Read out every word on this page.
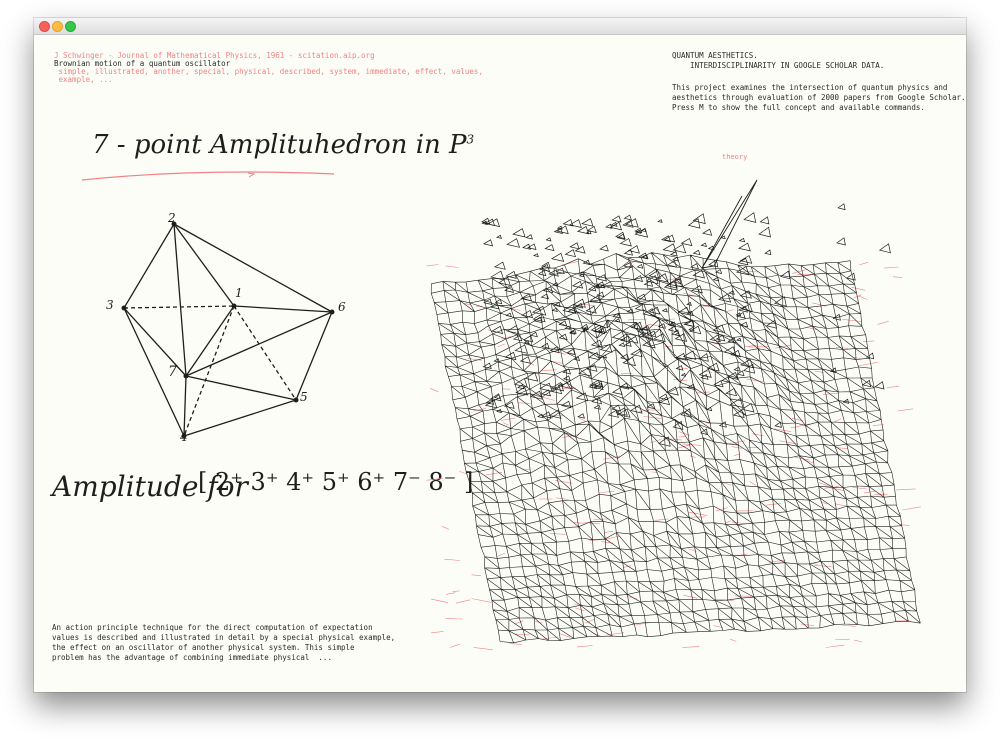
J Schwinger - Journal of Mathematical Physics, 1961 - scitation.aip.org
Brownian motion of a quantum oscillator
simple, illustrated, another, special, physical, described, system, immediate, effect, values,
example, ...
QUANTUM AESTHETICS.
INTERDISCIPLINARITY IN GOOGLE SCHOLAR DATA.
This project examines the intersection of quantum physics and
aesthetics through evaluation of 2000 papers from Google Scholar.
Press M to show the full concept and available commands.
7 - point Amplituhedron in $P^3$
1
2
3
4
5
6
7
Amplitude for
[ 2⁺ 3⁺ 4⁺ 5⁺ 6⁺ 7⁻ 8⁻ ]
An action principle technique for the direct computation of expectation
values is described and illustrated in detail by a special physical example,
the effect on an oscillator of another physical system. This simple
problem has the advantage of combining immediate physical  ...
theory
